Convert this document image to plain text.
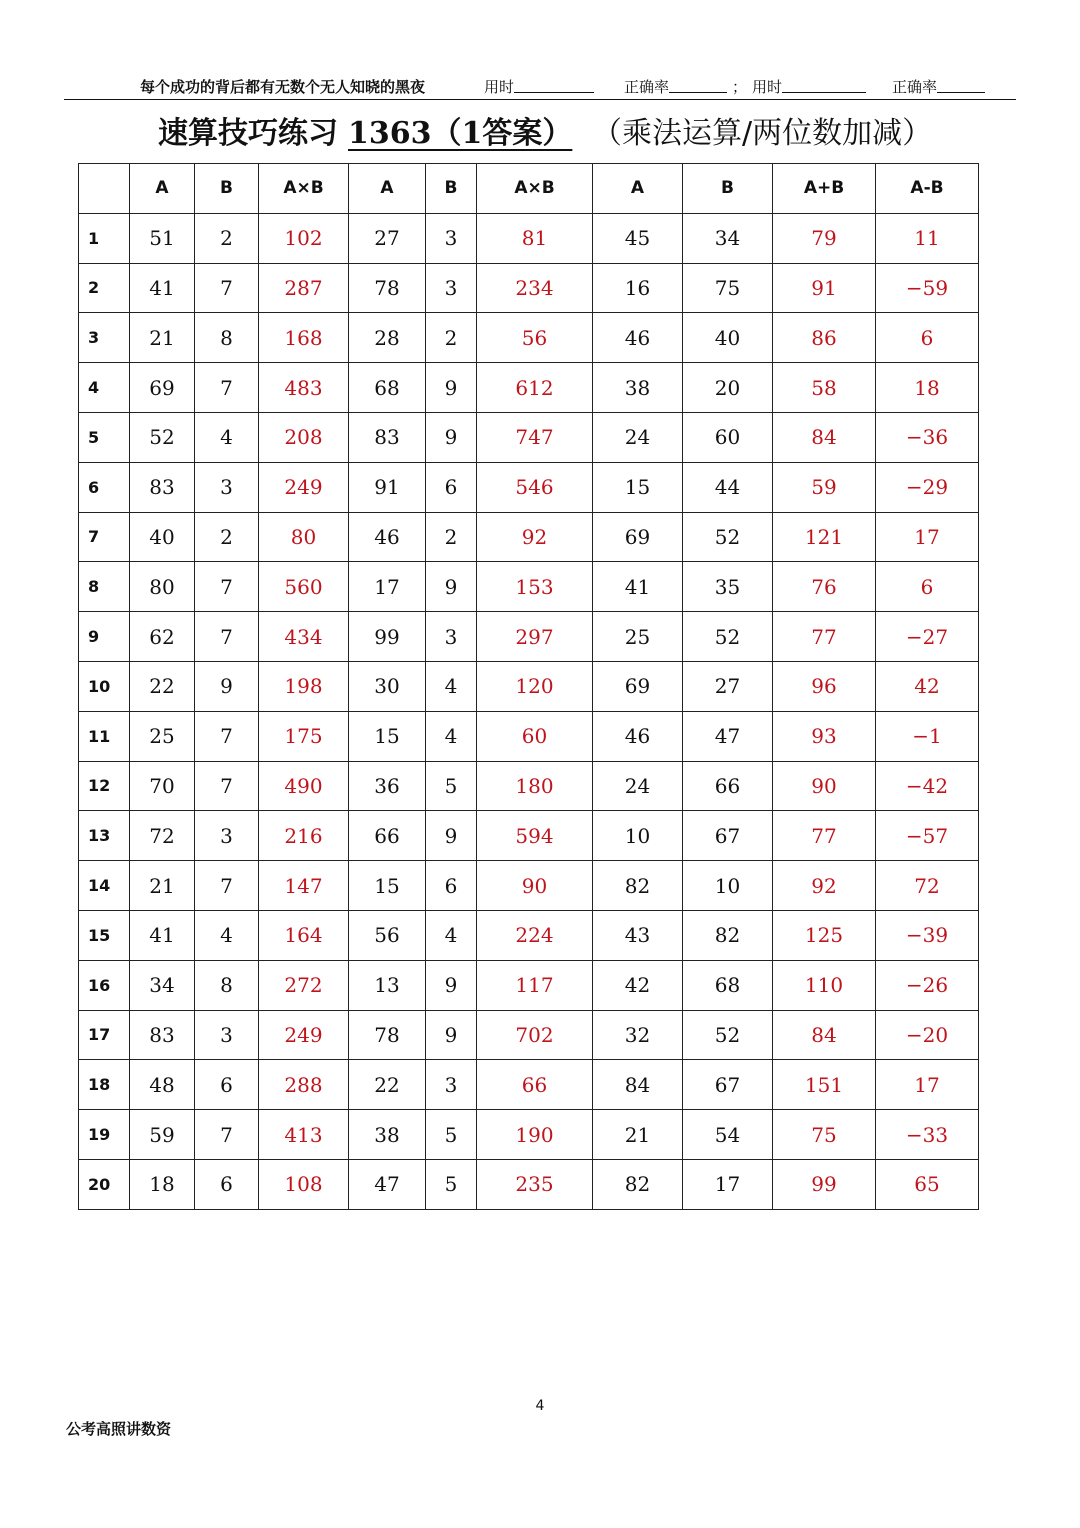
每个成功的背后都有无数个无人知晓的黑夜	用时	正确率	； 用时	正确率
速算技巧练习 1363（1答案） （乘法运算/两位数加减）
	A	B	A×B	A	B	A×B	A	B	A+B	A-B
1	51	2	102	27	3	81	45	34	79	11
2	41	7	287	78	3	234	16	75	91	−59
3	21	8	168	28	2	56	46	40	86	6
4	69	7	483	68	9	612	38	20	58	18
5	52	4	208	83	9	747	24	60	84	−36
6	83	3	249	91	6	546	15	44	59	−29
7	40	2	80	46	2	92	69	52	121	17
8	80	7	560	17	9	153	41	35	76	6
9	62	7	434	99	3	297	25	52	77	−27
10	22	9	198	30	4	120	69	27	96	42
11	25	7	175	15	4	60	46	47	93	−1
12	70	7	490	36	5	180	24	66	90	−42
13	72	3	216	66	9	594	10	67	77	−57
14	21	7	147	15	6	90	82	10	92	72
15	41	4	164	56	4	224	43	82	125	−39
16	34	8	272	13	9	117	42	68	110	−26
17	83	3	249	78	9	702	32	52	84	−20
18	48	6	288	22	3	66	84	67	151	17
19	59	7	413	38	5	190	21	54	75	−33
20	18	6	108	47	5	235	82	17	99	65
4
公考高照讲数资
